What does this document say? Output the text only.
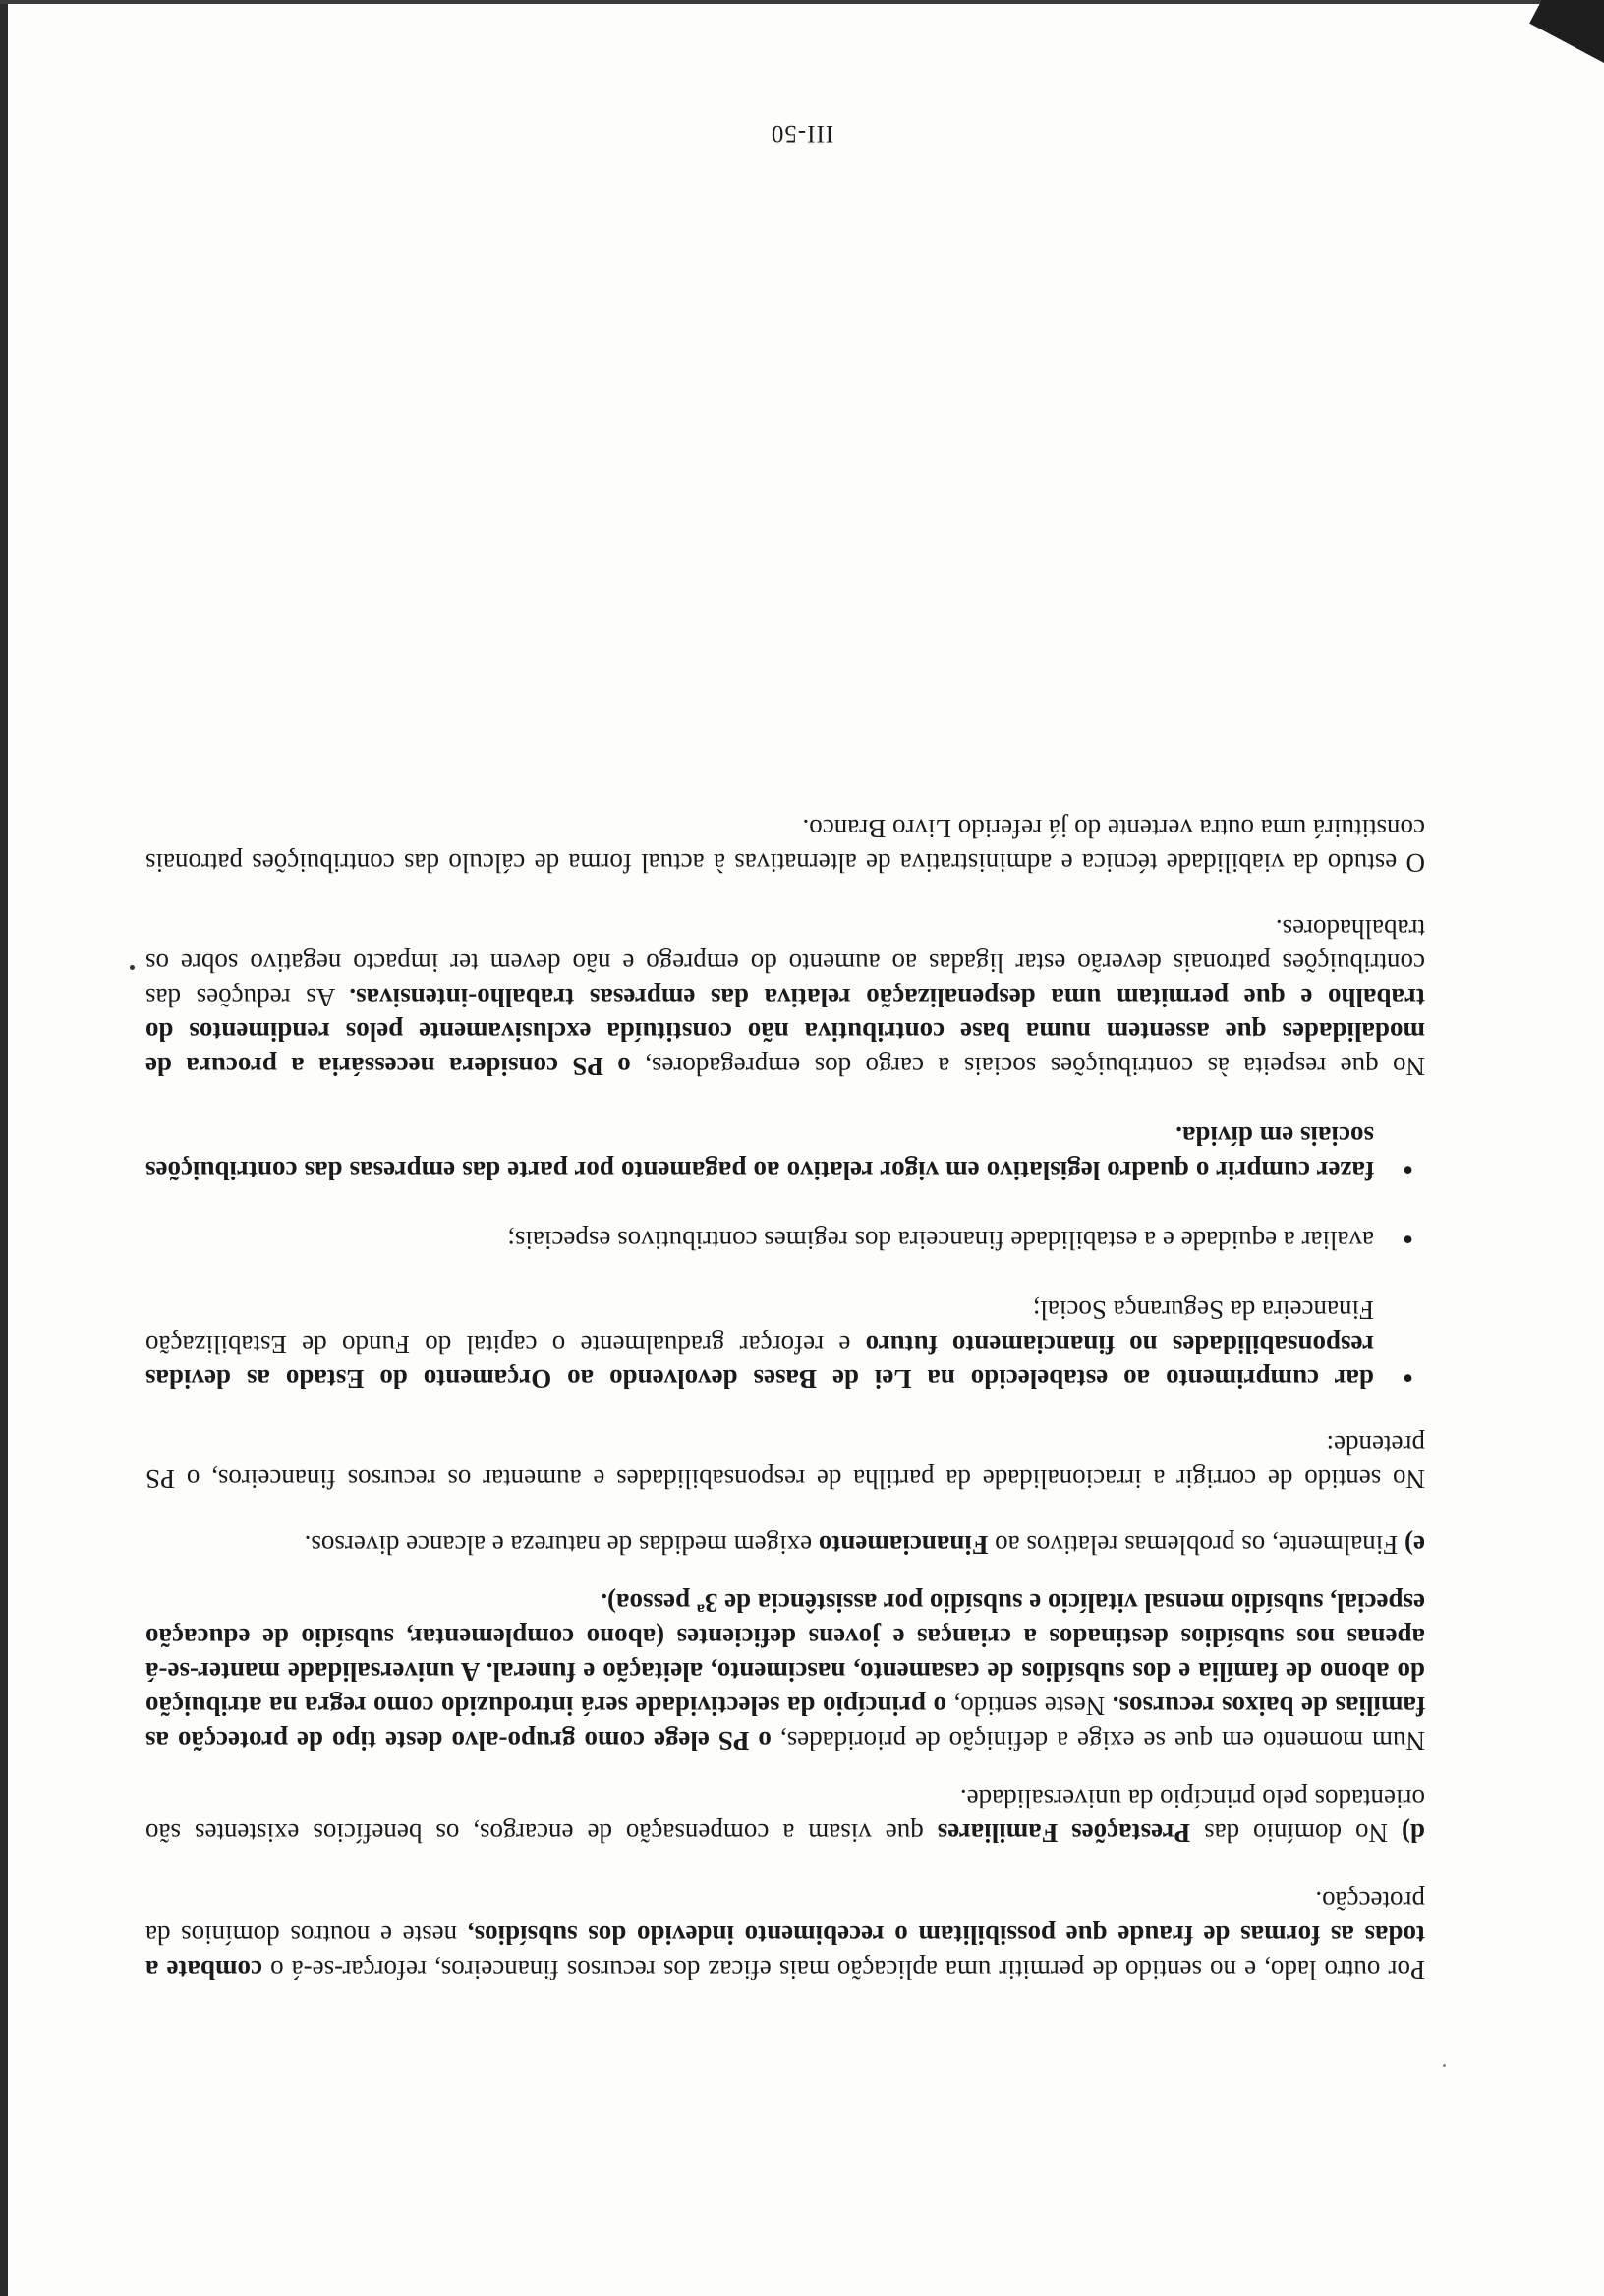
Por outro lado, e no sentido de permitir uma aplicação mais eficaz dos recursos financeiros, reforçar-se-á o combate a todas as formas de fraude que possibilitam o recebimento indevido dos subsídios, neste e noutros domínios da protecção.

d) No domínio das Prestações Familiares que visam a compensação de encargos, os benefícios existentes são orientados pelo princípio da universalidade.

Num momento em que se exige a definição de prioridades, o PS elege como grupo-alvo deste tipo de protecção as famílias de baixos recursos. Neste sentido, o princípio da selectividade será introduzido como regra na atribuição do abono de família e dos subsídios de casamento, nascimento, aleitação e funeral. A universalidade manter-se-á apenas nos subsídios destinados a crianças e jovens deficientes (abono complementar, subsídio de educação especial, subsídio mensal vitalício e subsídio por assistência de 3ª pessoa).

e) Finalmente, os problemas relativos ao Financiamento exigem medidas de natureza e alcance diversos.

No sentido de corrigir a irracionalidade da partilha de responsabilidades e aumentar os recursos financeiros, o PS pretende:

● dar cumprimento ao estabelecido na Lei de Bases devolvendo ao Orçamento do Estado as devidas responsabilidades no financiamento futuro e reforçar gradualmente o capital do Fundo de Estabilização Financeira da Segurança Social;
● avaliar a equidade e a estabilidade financeira dos regimes contributivos especiais;
● fazer cumprir o quadro legislativo em vigor relativo ao pagamento por parte das empresas das contribuições sociais em dívida.

No que respeita às contribuições sociais a cargo dos empregadores, o PS considera necessária a procura de modalidades que assentem numa base contributiva não constituída exclusivamente pelos rendimentos do trabalho e que permitam uma despenalização relativa das empresas trabalho-intensivas. As reduções das contribuições patronais deverão estar ligadas ao aumento do emprego e não devem ter impacto negativo sobre os trabalhadores.

O estudo da viabilidade técnica e administrativa de alternativas à actual forma de cálculo das contribuições patronais constituirá uma outra vertente do já referido Livro Branco.

III-50
